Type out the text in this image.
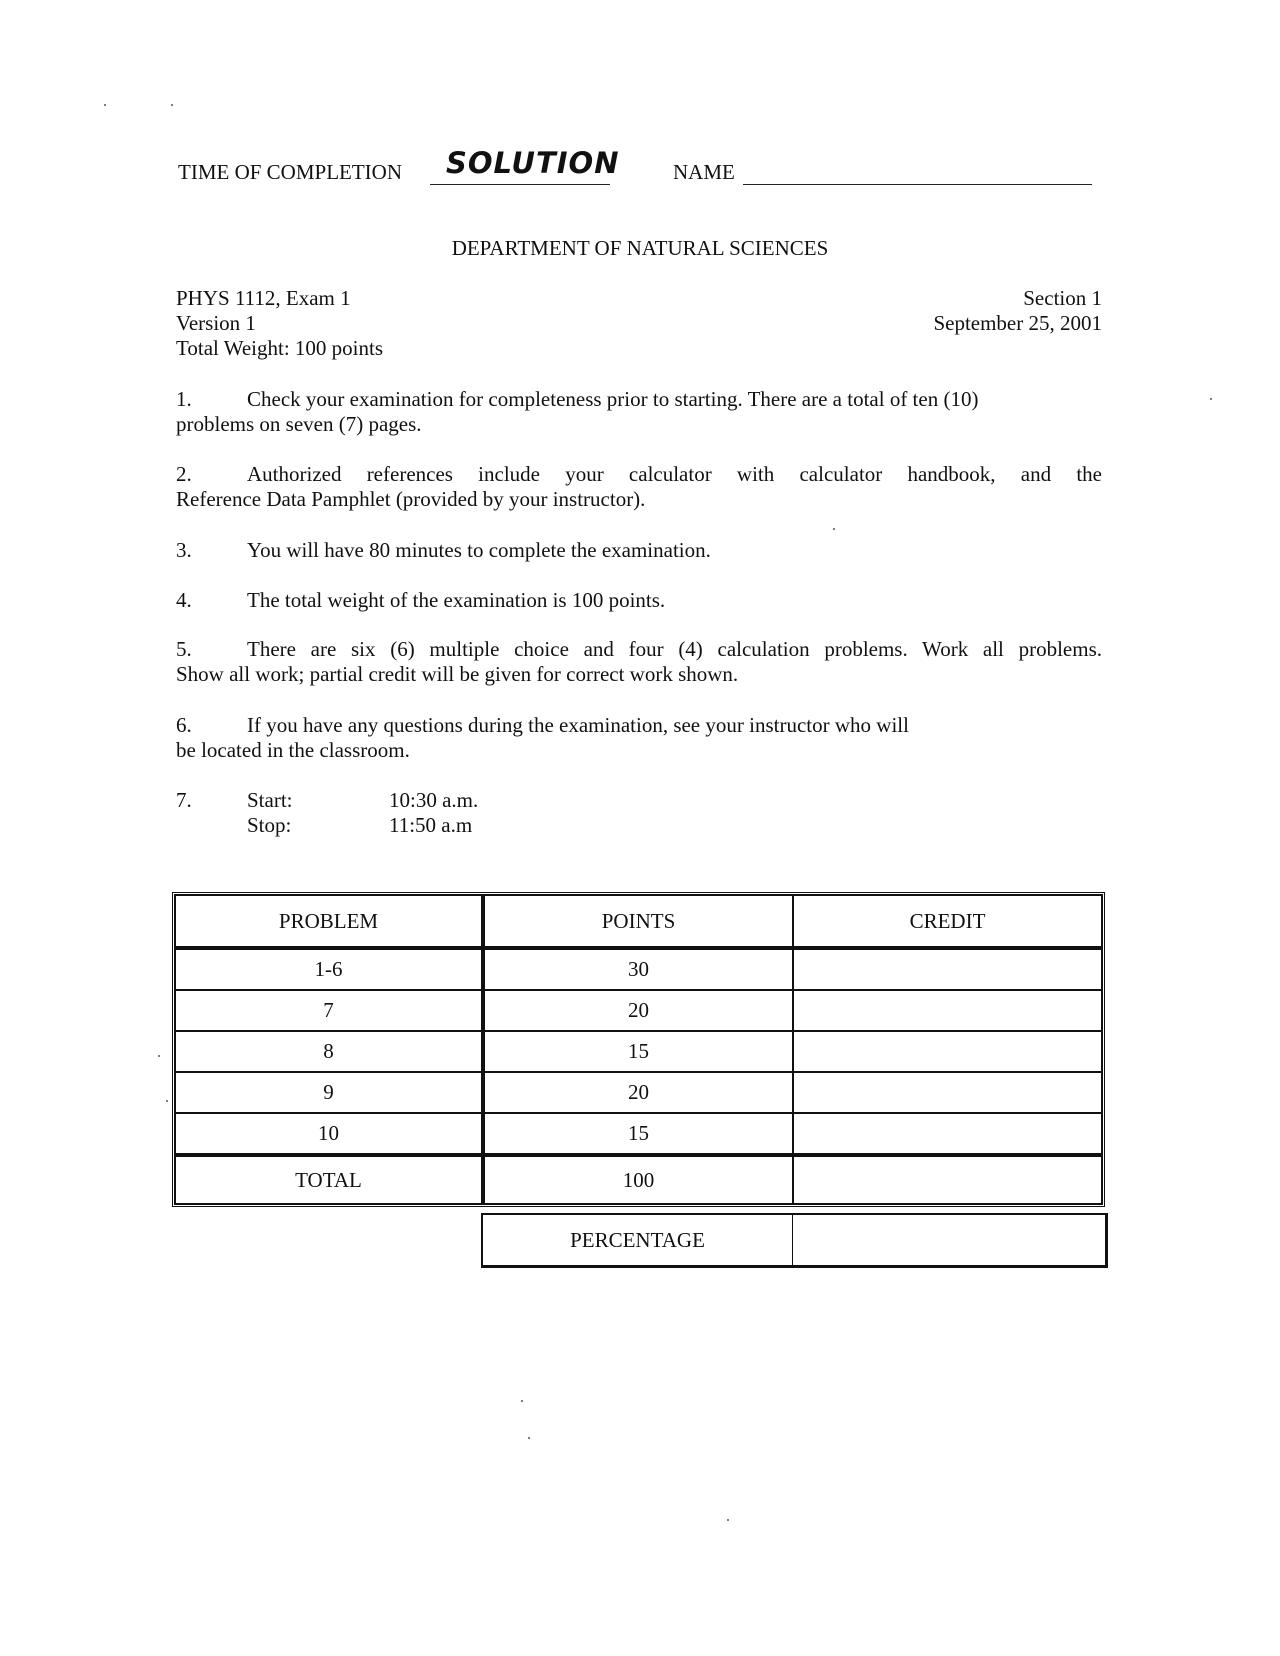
TIME OF COMPLETION SOLUTION	NAME
DEPARTMENT OF NATURAL SCIENCES
PHYS 1112, Exam 1
Version 1
Total Weight: 100 points
Section 1
September 25, 2001
1.	Check your examination for completeness prior to starting. There are a total of ten (10)
problems on seven (7) pages.
2.	Authorized references include your calculator with calculator handbook, and the
Reference Data Pamphlet (provided by your instructor).
3.	You will have 80 minutes to complete the examination.
4.	The total weight of the examination is 100 points.
5.	There are six (6) multiple choice and four (4) calculation problems. Work all problems.
Show all work; partial credit will be given for correct work shown.
6.	If you have any questions during the examination, see your instructor who will
be located in the classroom.
7.	Start:	10:30 a.m.
Stop:	11:50 a.m
PROBLEM	POINTS	CREDIT
1-6	30	
7	20	
8	15	
9	20	
10	15	
TOTAL	100	
PERCENTAGE
